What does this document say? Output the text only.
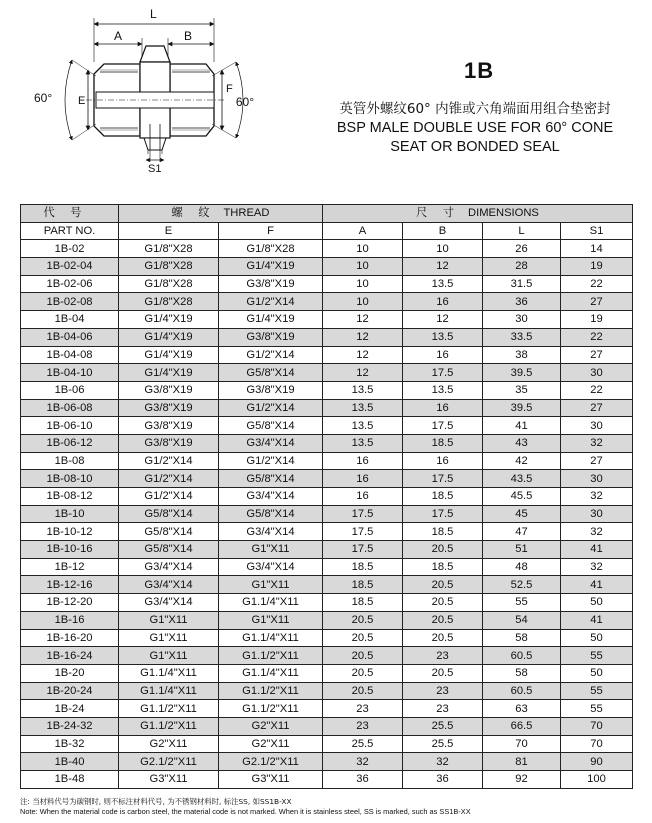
L
A	B
E
F
S1
60°	60°
1B
英管外螺纹60° 内锥或六角端面用组合垫密封
BSP MALE DOUBLE USE FOR 60° CONE
SEAT OR BONDED SEAL
代 号	螺 纹 THREAD		尺 寸 DIMENSIONS			
PART NO.	E	F	A	B	L	S1
1B-02	G1/8"X28	G1/8"X28	10	10	26	14
1B-02-04	G1/8"X28	G1/4"X19	10	12	28	19
1B-02-06	G1/8"X28	G3/8"X19	10	13.5	31.5	22
1B-02-08	G1/8"X28	G1/2"X14	10	16	36	27
1B-04	G1/4"X19	G1/4"X19	12	12	30	19
1B-04-06	G1/4"X19	G3/8"X19	12	13.5	33.5	22
1B-04-08	G1/4"X19	G1/2"X14	12	16	38	27
1B-04-10	G1/4"X19	G5/8"X14	12	17.5	39.5	30
1B-06	G3/8"X19	G3/8"X19	13.5	13.5	35	22
1B-06-08	G3/8"X19	G1/2"X14	13.5	16	39.5	27
1B-06-10	G3/8"X19	G5/8"X14	13.5	17.5	41	30
1B-06-12	G3/8"X19	G3/4"X14	13.5	18.5	43	32
1B-08	G1/2"X14	G1/2"X14	16	16	42	27
1B-08-10	G1/2"X14	G5/8"X14	16	17.5	43.5	30
1B-08-12	G1/2"X14	G3/4"X14	16	18.5	45.5	32
1B-10	G5/8"X14	G5/8"X14	17.5	17.5	45	30
1B-10-12	G5/8"X14	G3/4"X14	17.5	18.5	47	32
1B-10-16	G5/8"X14	G1"X11	17.5	20.5	51	41
1B-12	G3/4"X14	G3/4"X14	18.5	18.5	48	32
1B-12-16	G3/4"X14	G1"X11	18.5	20.5	52.5	41
1B-12-20	G3/4"X14	G1.1/4"X11	18.5	20.5	55	50
1B-16	G1"X11	G1"X11	20.5	20.5	54	41
1B-16-20	G1"X11	G1.1/4"X11	20.5	20.5	58	50
1B-16-24	G1"X11	G1.1/2"X11	20.5	23	60.5	55
1B-20	G1.1/4"X11	G1.1/4"X11	20.5	20.5	58	50
1B-20-24	G1.1/4"X11	G1.1/2"X11	20.5	23	60.5	55
1B-24	G1.1/2"X11	G1.1/2"X11	23	23	63	55
1B-24-32	G1.1/2"X11	G2"X11	23	25.5	66.5	70
1B-32	G2"X11	G2"X11	25.5	25.5	70	70
1B-40	G2.1/2"X11	G2.1/2"X11	32	32	81	90
1B-48	G3"X11	G3"X11	36	36	92	100
注: 当材料代号为碳钢时, 则不标注材料代号, 为不锈钢材料时, 标注SS, 如SS1B-XX
Note: When the material code is carbon steel, the material code is not marked. When it is stainless steel, SS is marked, such as SS1B-XX
